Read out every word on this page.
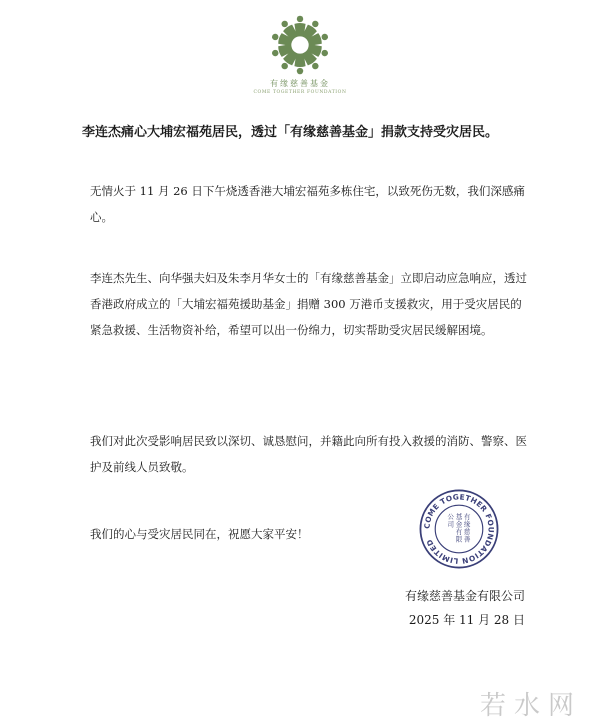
有缘慈善基金
COME TOGETHER FOUNDATION
李连杰痛心大埔宏福苑居民，透过「有缘慈善基金」捐款支持受灾居民。
无情火于 11 月 26 日下午烧透香港大埔宏福苑多栋住宅，以致死伤无数，我们深感痛心。
李连杰先生、向华强夫妇及朱李月华女士的「有缘慈善基金」立即启动应急响应，透过香港政府成立的「大埔宏福苑援助基金」捐赠 300 万港币支援救灾，用于受灾居民的紧急救援、生活物资补给，希望可以出一份绵力，切实帮助受灾居民缓解困境。
我们对此次受影响居民致以深切、诚恳慰问，并籍此向所有投入救援的消防、警察、医护及前线人员致敬。
我们的心与受灾居民同在，祝愿大家平安！
COME TOGETHER FOUNDATION LIMITED
有
缘
慈
善
基
金
有
限
公
司
有缘慈善基金有限公司
2025 年 11 月 28 日
若水网
